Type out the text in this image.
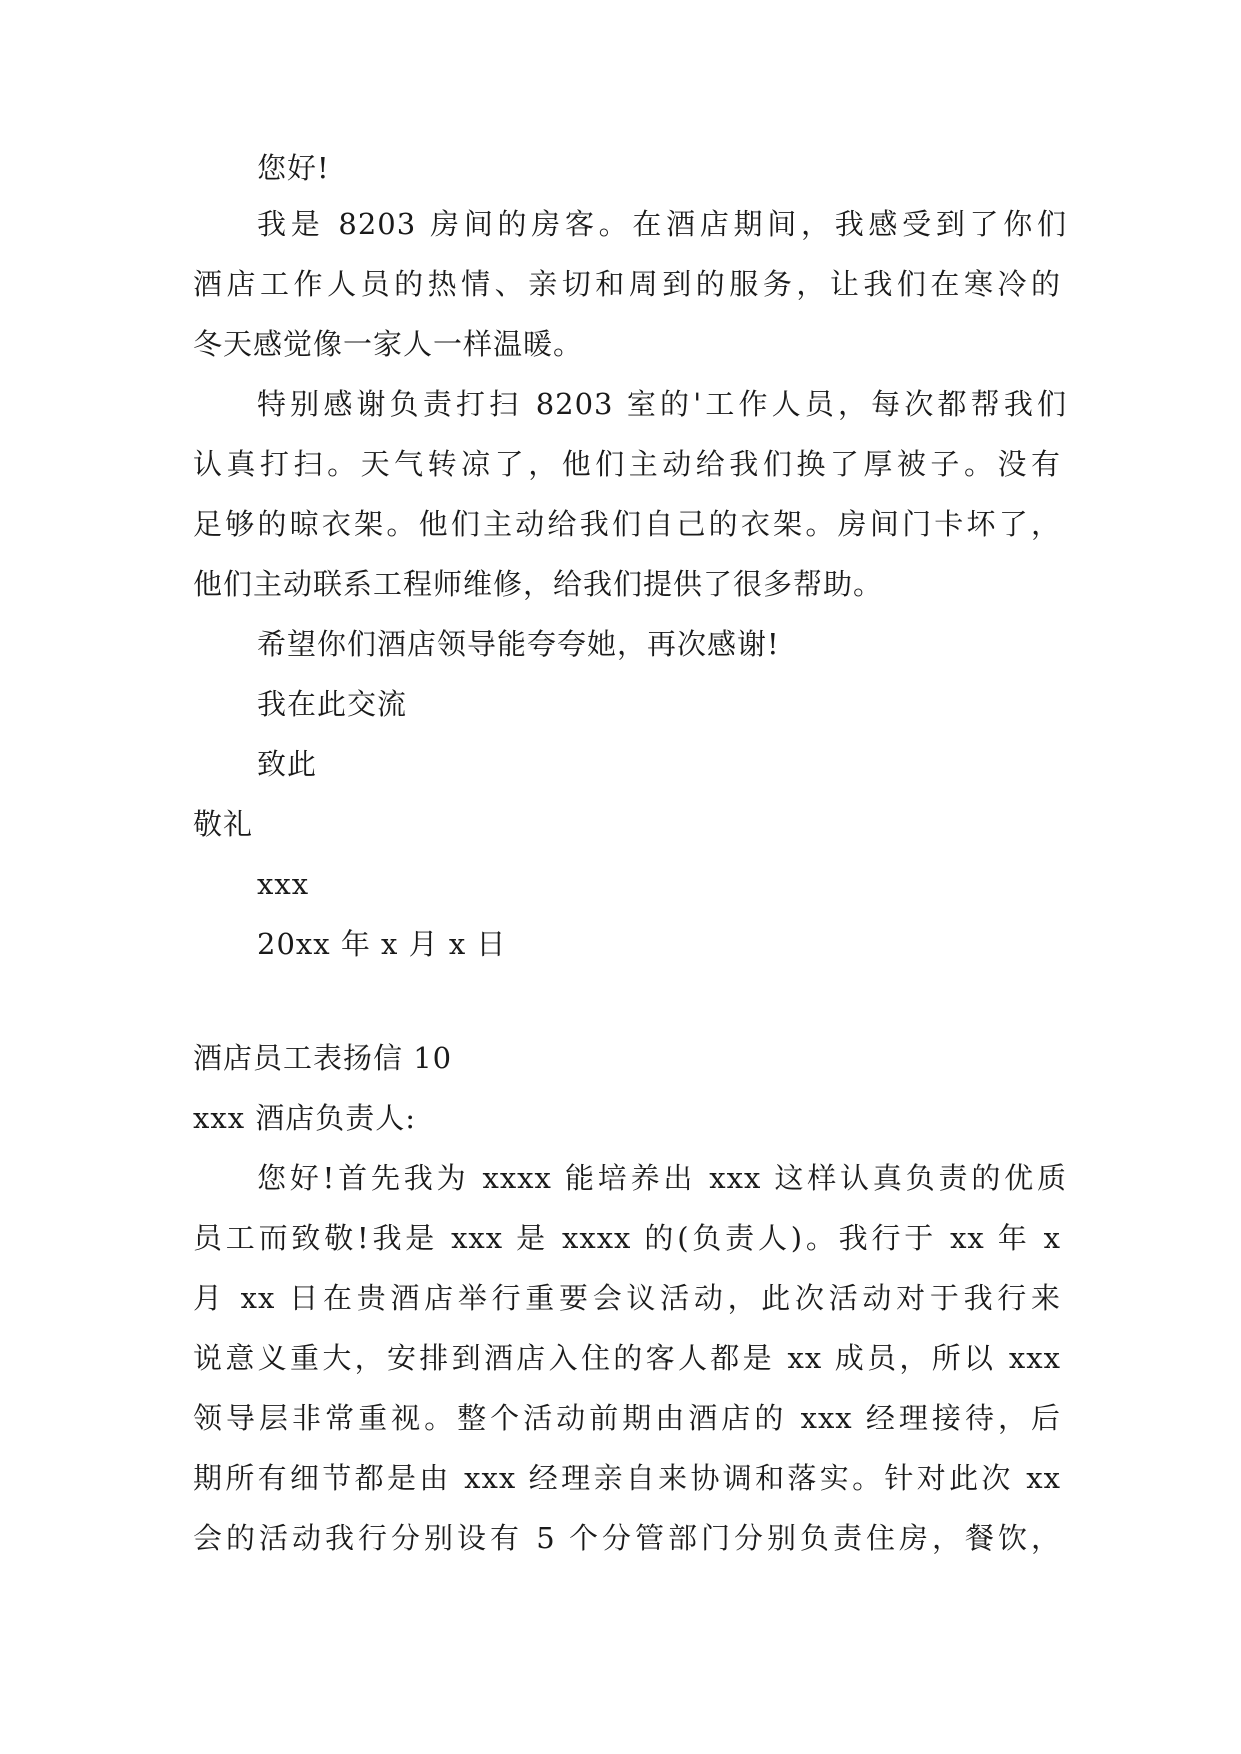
您好!
我是 8203 房间的房客。在酒店期间，我感受到了你们
酒店工作人员的热情、亲切和周到的服务，让我们在寒冷的
冬天感觉像一家人一样温暖。
特别感谢负责打扫 8203 室的'工作人员，每次都帮我们
认真打扫。天气转凉了，他们主动给我们换了厚被子。没有
足够的晾衣架。他们主动给我们自己的衣架。房间门卡坏了，
他们主动联系工程师维修，给我们提供了很多帮助。
希望你们酒店领导能夸夸她，再次感谢!
我在此交流
致此
敬礼
xxx
20xx 年 x 月 x 日
酒店员工表扬信 10
xxx 酒店负责人:
您好!首先我为 xxxx 能培养出 xxx 这样认真负责的优质
员工而致敬!我是 xxx 是 xxxx 的(负责人)。我行于 xx 年 x
月 xx 日在贵酒店举行重要会议活动，此次活动对于我行来
说意义重大，安排到酒店入住的客人都是 xx 成员，所以 xxx
领导层非常重视。整个活动前期由酒店的 xxx 经理接待，后
期所有细节都是由 xxx 经理亲自来协调和落实。针对此次 xx
会的活动我行分别设有 5 个分管部门分别负责住房，餐饮，
